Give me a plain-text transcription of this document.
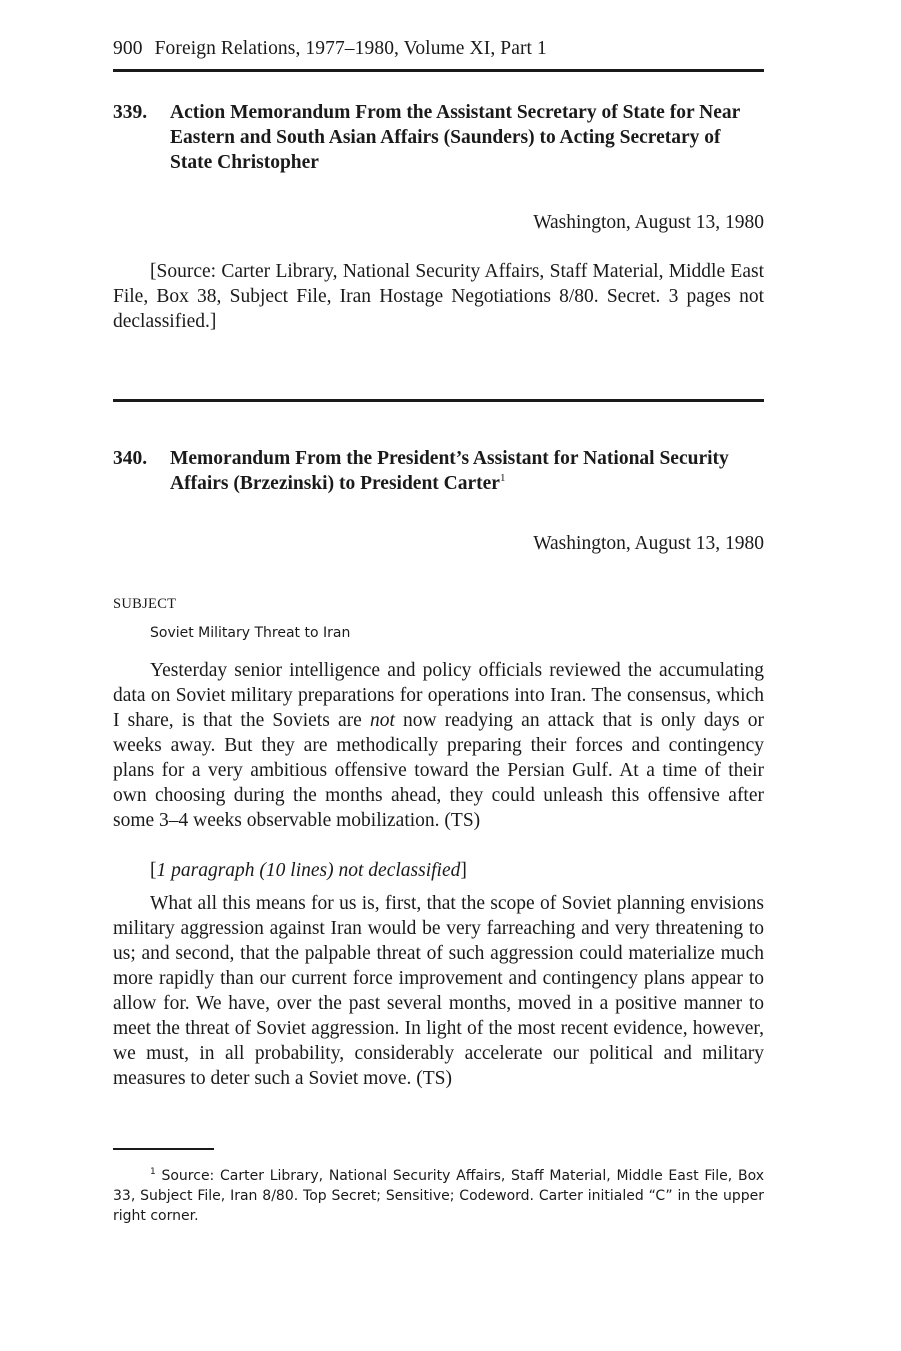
900 Foreign Relations, 1977–1980, Volume XI, Part 1
339. Action Memorandum From the Assistant Secretary of State for Near Eastern and South Asian Affairs (Saunders) to Acting Secretary of State Christopher
Washington, August 13, 1980

[Source: Carter Library, National Security Affairs, Staff Material, Middle East File, Box 38, Subject File, Iran Hostage Negotiations 8/80. Secret. 3 pages not declassified.]

340. Memorandum From the President’s Assistant for National Security Affairs (Brzezinski) to President Carter$^1$
Washington, August 13, 1980
SUBJECT
Soviet Military Threat to Iran

Yesterday senior intelligence and policy officials reviewed the accumulating data on Soviet military preparations for operations into Iran. The consensus, which I share, is that the Soviets are not now readying an attack that is only days or weeks away. But they are methodically preparing their forces and contingency plans for a very ambitious offensive toward the Persian Gulf. At a time of their own choosing during the months ahead, they could unleash this offensive after some 3–4 weeks observable mobilization. (TS)

[1 paragraph (10 lines) not declassified]

What all this means for us is, first, that the scope of Soviet planning envisions military aggression against Iran would be very farreaching and very threatening to us; and second, that the palpable threat of such aggression could materialize much more rapidly than our current force improvement and contingency plans appear to allow for. We have, over the past several months, moved in a positive manner to meet the threat of Soviet aggression. In light of the most recent evidence, however, we must, in all probability, considerably accelerate our political and military measures to deter such a Soviet move. (TS)

$^1$ Source: Carter Library, National Security Affairs, Staff Material, Middle East File, Box 33, Subject File, Iran 8/80. Top Secret; Sensitive; Codeword. Carter initialed “C” in the upper right corner.
